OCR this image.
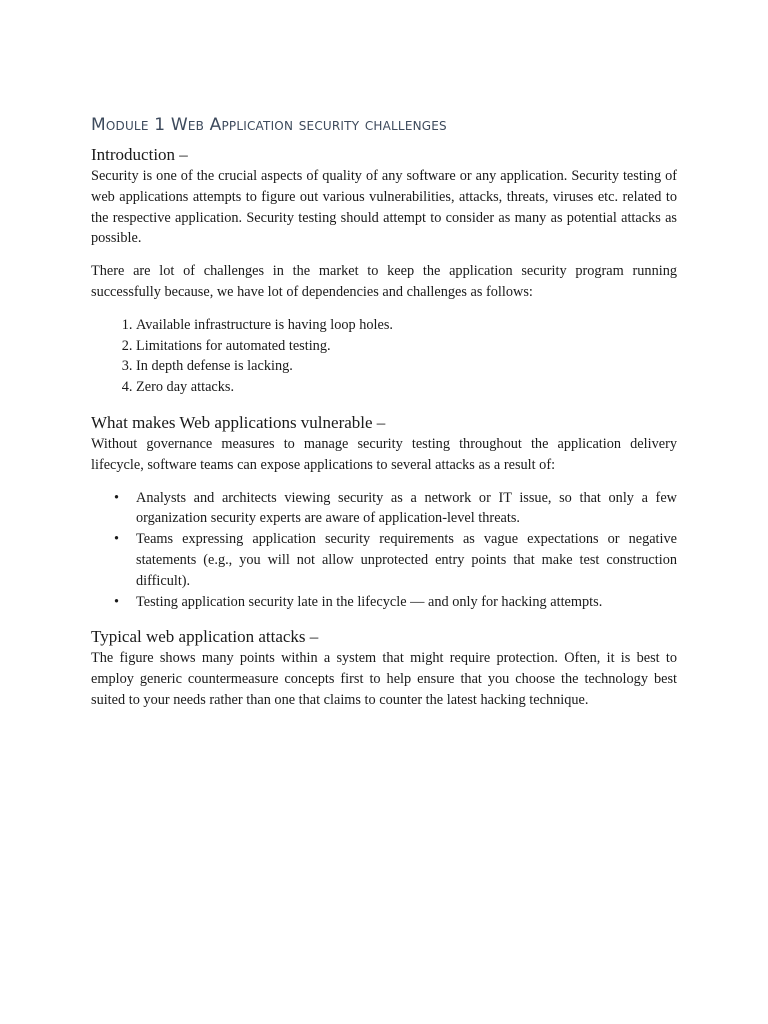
Module 1 Web Application security challenges
Introduction –

Security is one of the crucial aspects of quality of any software or any application. Security testing of web applications attempts to figure out various vulnerabilities, attacks, threats, viruses etc. related to the respective application. Security testing should attempt to consider as many as potential attacks as possible.

There are lot of challenges in the market to keep the application security program running successfully because, we have lot of dependencies and challenges as follows:

1. Available infrastructure is having loop holes.
2. Limitations for automated testing.
3. In depth defense is lacking.
4. Zero day attacks.
What makes Web applications vulnerable –

Without governance measures to manage security testing throughout the application delivery lifecycle, software teams can expose applications to several attacks as a result of:

• Analysts and architects viewing security as a network or IT issue, so that only a few organization security experts are aware of application-level threats.
• Teams expressing application security requirements as vague expectations or negative statements (e.g., you will not allow unprotected entry points that make test construction difficult).
• Testing application security late in the lifecycle — and only for hacking attempts.
Typical web application attacks –

The figure shows many points within a system that might require protection. Often, it is best to employ generic countermeasure concepts first to help ensure that you choose the technology best suited to your needs rather than one that claims to counter the latest hacking technique.
